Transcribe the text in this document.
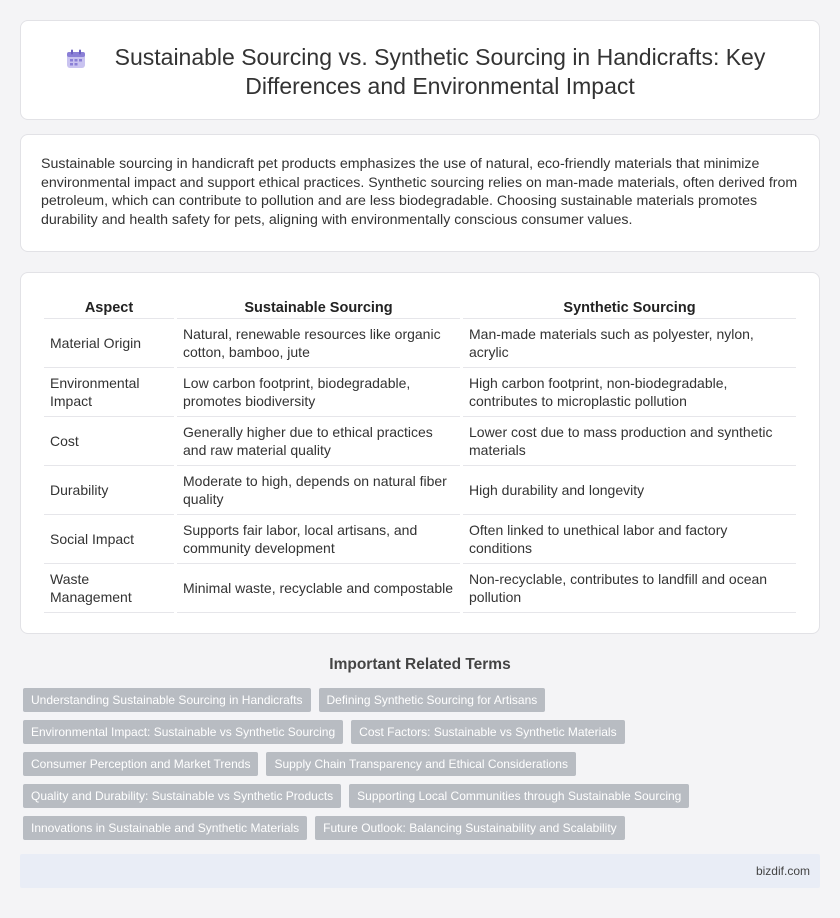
Sustainable Sourcing vs. Synthetic Sourcing in Handicrafts: Key Differences and Environmental Impact

Sustainable sourcing in handicraft pet products emphasizes the use of natural, eco-friendly materials that minimize environmental impact and support ethical practices. Synthetic sourcing relies on man-made materials, often derived from petroleum, which can contribute to pollution and are less biodegradable. Choosing sustainable materials promotes durability and health safety for pets, aligning with environmentally conscious consumer values.

Aspect	Sustainable Sourcing	Synthetic Sourcing
Material Origin	Natural, renewable resources like organic cotton, bamboo, jute	Man-made materials such as polyester, nylon, acrylic
Environmental Impact	Low carbon footprint, biodegradable, promotes biodiversity	High carbon footprint, non-biodegradable, contributes to microplastic pollution
Cost	Generally higher due to ethical practices and raw material quality	Lower cost due to mass production and synthetic materials
Durability	Moderate to high, depends on natural fiber quality	High durability and longevity
Social Impact	Supports fair labor, local artisans, and community development	Often linked to unethical labor and factory conditions
Waste Management	Minimal waste, recyclable and compostable	Non-recyclable, contributes to landfill and ocean pollution
Important Related Terms
Understanding Sustainable Sourcing in Handicrafts	Defining Synthetic Sourcing for Artisans
Environmental Impact: Sustainable vs Synthetic Sourcing	Cost Factors: Sustainable vs Synthetic Materials
Consumer Perception and Market Trends	Supply Chain Transparency and Ethical Considerations
Quality and Durability: Sustainable vs Synthetic Products	Supporting Local Communities through Sustainable Sourcing
Innovations in Sustainable and Synthetic Materials	Future Outlook: Balancing Sustainability and Scalability
bizdif.com
